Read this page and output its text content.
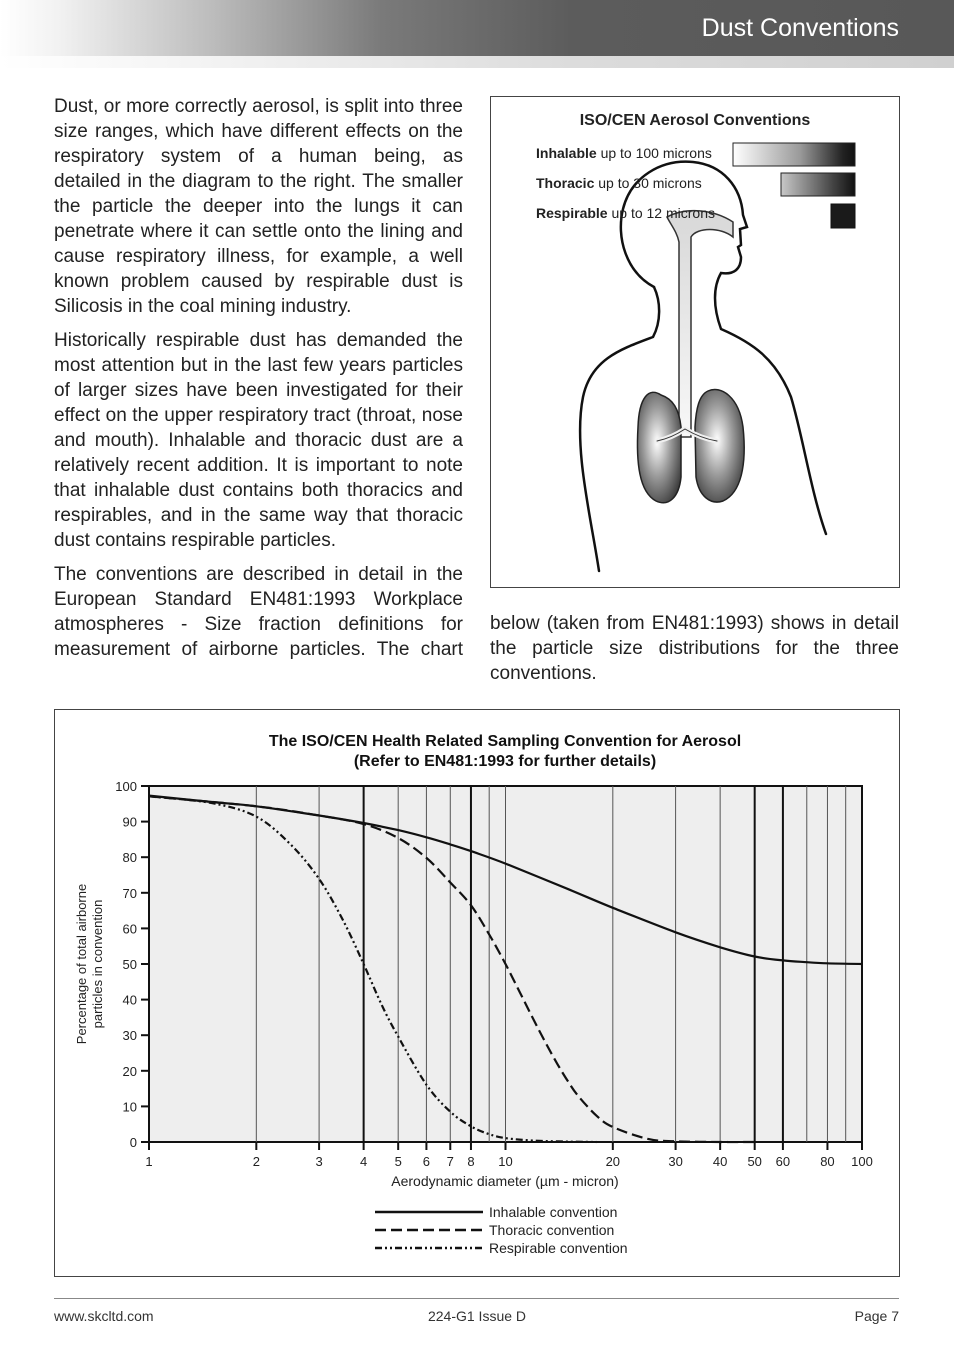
Dust Conventions

Dust, or more correctly aerosol, is split into three size ranges, which have different effects on the respiratory system of a human being, as detailed in the diagram to the right. The smaller the particle the deeper into the lungs it can penetrate where it can settle onto the lining and cause respiratory illness, for example, a well known problem caused by respirable dust is Silicosis in the coal mining industry.

Historically respirable dust has demanded the most attention but in the last few years particles of larger sizes have been investigated for their effect on the upper respiratory tract (throat, nose and mouth). Inhalable and thoracic dust are a relatively recent addition. It is important to note that inhalable dust contains both thoracics and respirables, and in the same way that thoracic dust contains respirable particles.

The conventions are described in detail in the European Standard EN481:1993 Workplace atmospheres - Size fraction definitions for measurement of airborne particles. The chart

below (taken from EN481:1993) shows in detail the particle size distributions for the three conventions.

ISO/CEN Aerosol Conventions
Inhalable up to 100 microns
Thoracic up to 30 microns
Respirable up to 12 microns
The ISO/CEN Health Related Sampling Convention for Aerosol
(Refer to EN481:1993 for further details)
0
10
20
30
40
50
60
70
80
90
100
1	2	3	4 5 6 7 8 10	20	30 40 50 60 80 100
Percentage of total airborne particles in convention
Aerodynamic diameter (µm - micron)
Inhalable convention
Thoracic convention
Respirable convention
www.skcltd.com	224-G1 Issue D	Page 7
